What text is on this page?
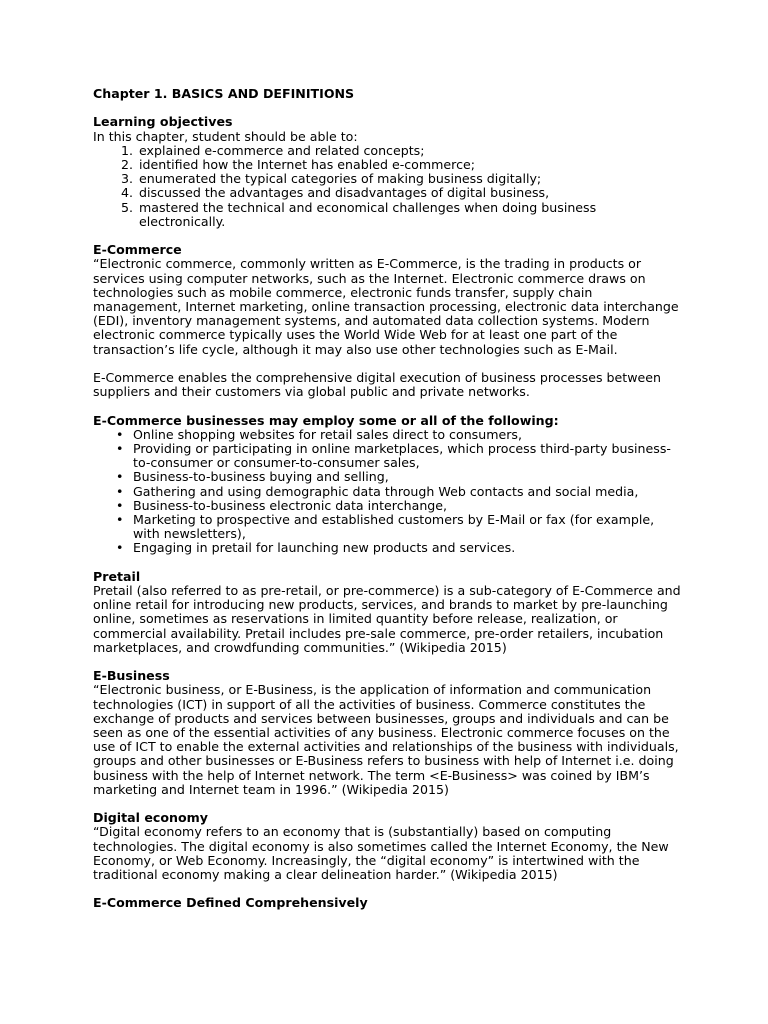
Chapter 1. BASICS AND DEFINITIONS

Learning objectives

In this chapter, student should be able to:

1. explained e-commerce and related concepts;
2. identified how the Internet has enabled e-commerce;
3. enumerated the typical categories of making business digitally;
4. discussed the advantages and disadvantages of digital business,
5. mastered the technical and economical challenges when doing business electronically.

E-Commerce

“Electronic commerce, commonly written as E-Commerce, is the trading in products or services using computer networks, such as the Internet. Electronic commerce draws on technologies such as mobile commerce, electronic funds transfer, supply chain management, Internet marketing, online transaction processing, electronic data interchange (EDI), inventory management systems, and automated data collection systems. Modern electronic commerce typically uses the World Wide Web for at least one part of the transaction’s life cycle, although it may also use other technologies such as E-Mail.

E-Commerce enables the comprehensive digital execution of business processes between suppliers and their customers via global public and private networks.

E-Commerce businesses may employ some or all of the following:

• Online shopping websites for retail sales direct to consumers,
• Providing or participating in online marketplaces, which process third-party business- to-consumer or consumer-to-consumer sales,
• Business-to-business buying and selling,
• Gathering and using demographic data through Web contacts and social media,
• Business-to-business electronic data interchange,
• Marketing to prospective and established customers by E-Mail or fax (for example, with newsletters),
• Engaging in pretail for launching new products and services.

Pretail

Pretail (also referred to as pre-retail, or pre-commerce) is a sub-category of E-Commerce and online retail for introducing new products, services, and brands to market by pre-launching online, sometimes as reservations in limited quantity before release, realization, or commercial availability. Pretail includes pre-sale commerce, pre-order retailers, incubation marketplaces, and crowdfunding communities.” (Wikipedia 2015)

E-Business

“Electronic business, or E-Business, is the application of information and communication technologies (ICT) in support of all the activities of business. Commerce constitutes the exchange of products and services between businesses, groups and individuals and can be seen as one of the essential activities of any business. Electronic commerce focuses on the use of ICT to enable the external activities and relationships of the business with individuals, groups and other businesses or E-Business refers to business with help of Internet i.e. doing business with the help of Internet network. The term <E-Business> was coined by IBM’s marketing and Internet team in 1996.” (Wikipedia 2015)

Digital economy

“Digital economy refers to an economy that is (substantially) based on computing technologies. The digital economy is also sometimes called the Internet Economy, the New Economy, or Web Economy. Increasingly, the “digital economy” is intertwined with the traditional economy making a clear delineation harder.” (Wikipedia 2015)

E-Commerce Defined Comprehensively
